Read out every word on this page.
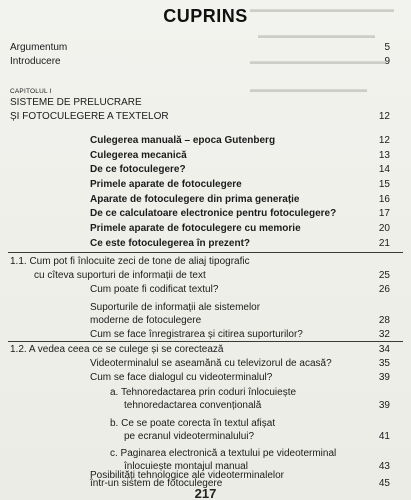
▬▬▬▬▬▬▬▬▬▬▬▬▬▬▬▬
▬▬▬▬▬▬▬▬▬▬▬▬▬
▬▬▬▬▬▬▬▬▬▬▬▬▬▬▬
▬▬▬▬▬▬▬▬▬▬▬▬▬
CUPRINS
Argumentum	5
Introducere	9
CAPITOLUL I
SISTEME DE PRELUCRARE
ȘI FOTOCULEGERE A TEXTELOR	12
Culegerea manuală – epoca Gutenberg	12
Culegerea mecanică	13
De ce fotoculegere?	14
Primele aparate de fotoculegere	15
Aparate de fotoculegere din prima generație	16
De ce calculatoare electronice pentru fotoculegere?	17
Primele aparate de fotoculegere cu memorie	20
Ce este fotoculegerea în prezent?	21
1.1. Cum pot fi înlocuite zeci de tone de aliaj tipografic
cu cîteva suporturi de informații de text	25
Cum poate fi codificat textul?	26
Suporturile de informații ale sistemelor
moderne de fotoculegere	28
Cum se face înregistrarea și citirea suporturilor?	32
1.2. A vedea ceea ce se culege și se corectează	34
Videoterminalul se aseamănă cu televizorul de acasă?	35
Cum se face dialogul cu videoterminalul?	39
a. Tehnoredactarea prin coduri înlocuiește
tehnoredactarea convențională	39
b. Ce se poate corecta în textul afișat
pe ecranul videoterminalului?	41
c. Paginarea electronică a textului pe videoterminal
înlocuiește montajul manual	43
Posibilități tehnologice ale videoterminalelor
într-un sistem de fotoculegere	45
217
